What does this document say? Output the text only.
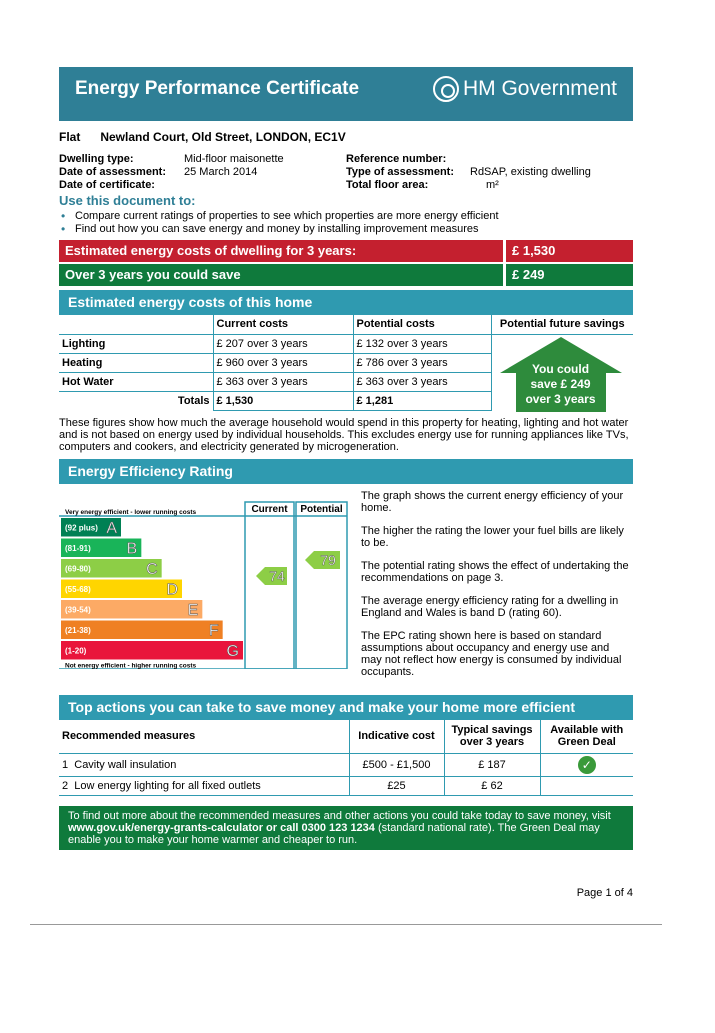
Energy Performance Certificate	HM Government
Flat Newland Court, Old Street, LONDON, EC1V
Dwelling type:	Mid-floor maisonette	Reference number:
Date of assessment:	25 March 2014	Type of assessment:	RdSAP, existing dwelling
Date of certificate:	Total floor area:	m²
Use this document to:
• Compare current ratings of properties to see which properties are more energy efficient
• Find out how you can save energy and money by installing improvement measures
Estimated energy costs of dwelling for 3 years:	£ 1,530
Over 3 years you could save	£ 249
Estimated energy costs of this home
	Current costs	Potential costs	Potential future savings
Lighting	£ 207 over 3 years	£ 132 over 3 years	You could
save £ 249
over 3 years

Heating	£ 960 over 3 years	£ 786 over 3 years	
Hot Water	£ 363 over 3 years	£ 363 over 3 years	
Totals	£ 1,530	£ 1,281	
These figures show how much the average household would spend in this property for heating, lighting and hot water and is not based on energy used by individual households. This excludes energy use for running appliances like TVs, computers and cookers, and electricity generated by microgeneration.
Energy Efficiency Rating
Current Potential
Very energy efficient - lower running costs
(92 plus) A
(81-91) B
(69-80)	C
(55-68)	D
(39-54)	E
(21-38)	F
(1-20)	G
Not energy efficient - higher running costs
74
79

The graph shows the current energy efficiency of your home.

The higher the rating the lower your fuel bills are likely to be.

The potential rating shows the effect of undertaking the recommendations on page 3.

The average energy efficiency rating for a dwelling in England and Wales is band D (rating 60).

The EPC rating shown here is based on standard assumptions about occupancy and energy use and may not reflect how energy is consumed by individual occupants.

Top actions you can take to save money and make your home more efficient
Recommended measures	Indicative cost	Typical savings over 3 years	Available with Green Deal
1 Cavity wall insulation	£500 - £1,500	£ 187	✓
2 Low energy lighting for all fixed outlets	£25	£ 62	
To find out more about the recommended measures and other actions you could take today to save money, visit www.gov.uk/energy-grants-calculator or call 0300 123 1234 (standard national rate). The Green Deal may enable you to make your home warmer and cheaper to run.
Page 1 of 4
